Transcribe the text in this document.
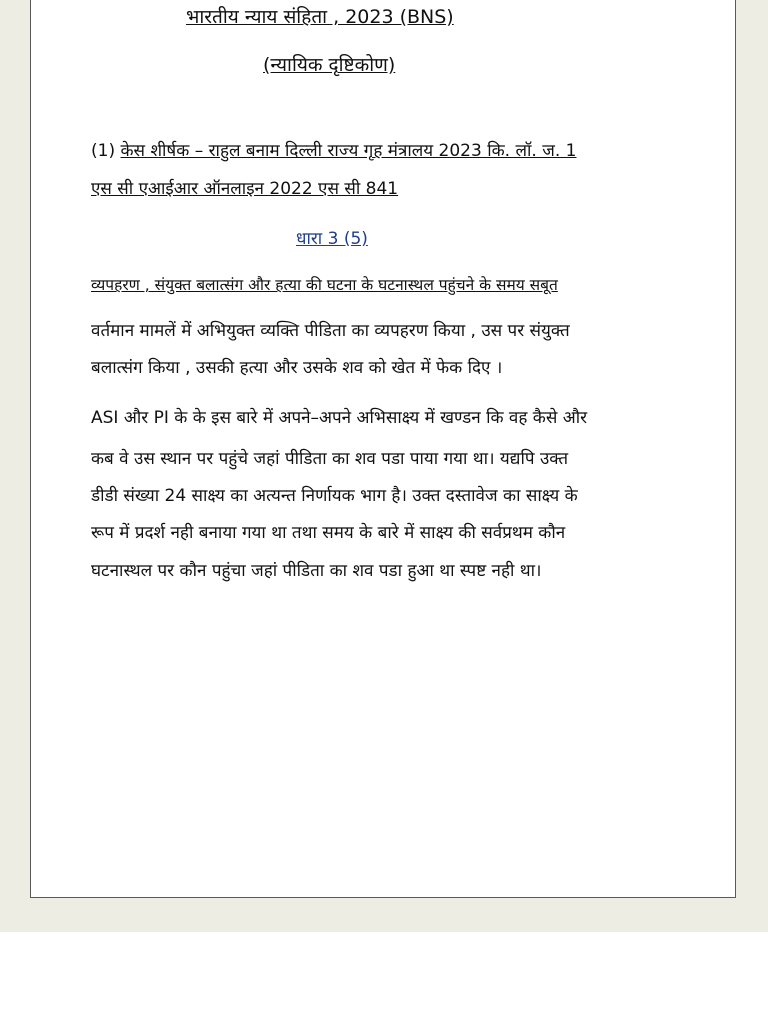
भारतीय न्याय संहिता , 2023 (BNS)
(न्यायिक दृष्टिकोण)
(1) केस शीर्षक – राहुल बनाम दिल्ली राज्य गृह मंत्रालय 2023 कि. लॉ. ज. 1
एस सी एआईआर ऑनलाइन 2022 एस सी 841
धारा 3 (5)
व्यपहरण , संयुक्त बलात्संग और हत्या की घटना के घटनास्थल पहुंचने के समय सबूत
वर्तमान मामलें में अभियुक्त व्यक्ति पीडिता का व्यपहरण किया , उस पर संयुक्त
बलात्संग किया , उसकी हत्या और उसके शव को खेत में फेक दिए ।
ASI और PI के के इस बारे में अपने–अपने अभिसाक्ष्य में खण्डन कि वह कैसे और
कब वे उस स्थान पर पहुंचे जहां पीडिता का शव पडा पाया गया था। यद्यपि उक्त
डीडी संख्या 24 साक्ष्य का अत्यन्त निर्णायक भाग है। उक्त दस्तावेज का साक्ष्य के
रूप में प्रदर्श नही बनाया गया था तथा समय के बारे में साक्ष्य की सर्वप्रथम कौन
घटनास्थल पर कौन पहुंचा जहां पीडिता का शव पडा हुआ था स्पष्ट नही था।
